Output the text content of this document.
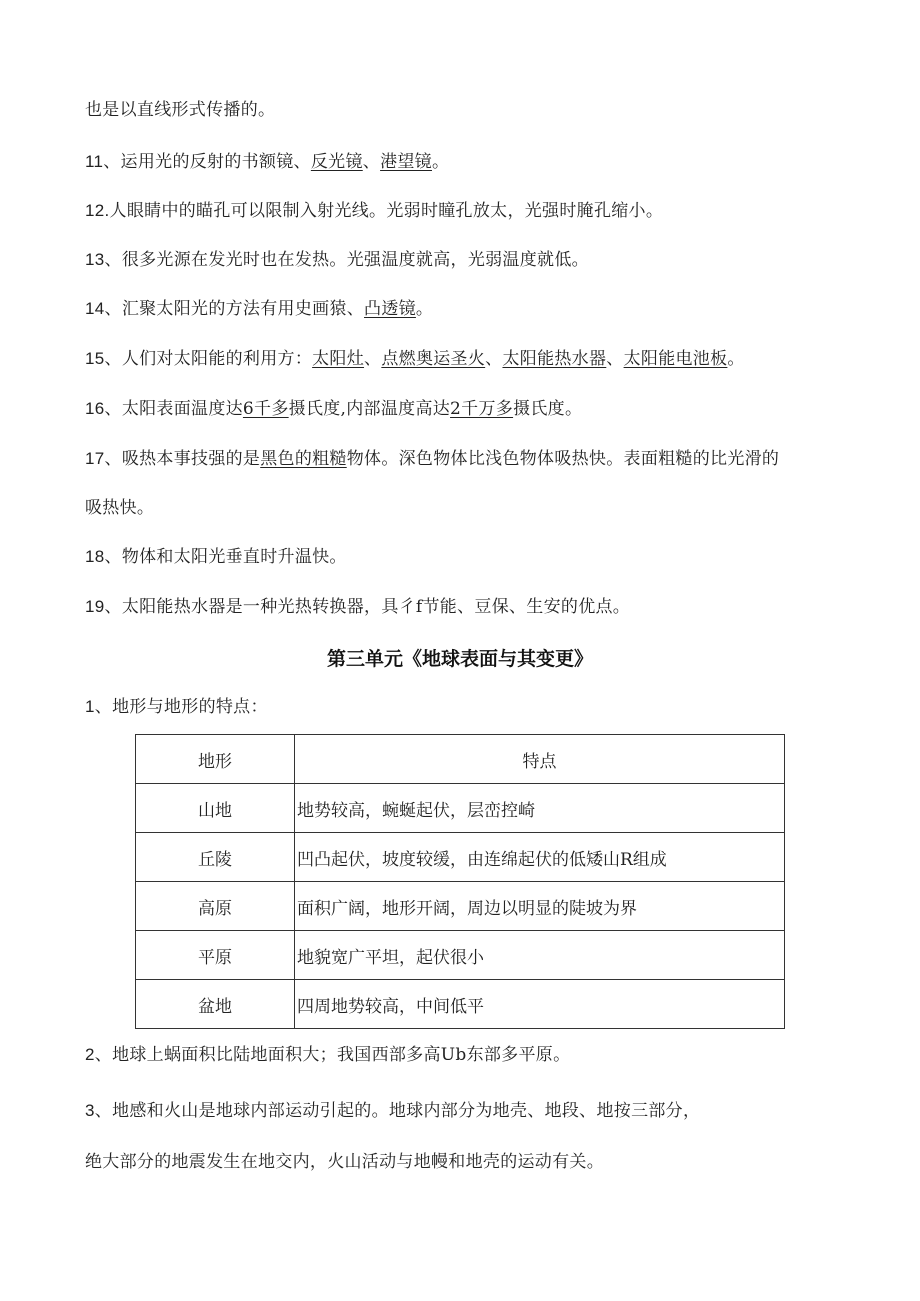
也是以直线形式传播的。
11、运用光的反射的书额镜、反光镜、港望镜。
12.人眼睛中的瞄孔可以限制入射光线。光弱时瞳孔放太，光强时腌孔缩小。
13、很多光源在发光时也在发热。光强温度就高，光弱温度就低。
14、汇聚太阳光的方法有用史画猿、凸透镜。
15、人们对太阳能的利用方：太阳灶、点燃奥运圣火、太阳能热水器、太阳能电池板。
16、太阳表面温度达6千多摄氏度,内部温度高达2千万多摄氏度。
17、吸热本事技强的是黑色的粗糙物体。深色物体比浅色物体吸热快。表面粗糙的比光滑的
吸热快。
18、物体和太阳光垂直时升温快。
19、太阳能热水器是一种光热转换器，具彳f节能、豆保、生安的优点。
第三单元《地球表面与其变更》
1、地形与地形的特点：
地形	特点
山地	地势较高，蜿蜒起伏，层峦控崎
丘陵	凹凸起伏，坡度较缓，由连绵起伏的低矮山R组成
高原	面积广阔，地形开阔，周边以明显的陡坡为界
平原	地貌宽广平坦，起伏很小
盆地	四周地势较高，中间低平
2、地球上蜗面积比陆地面积大；我国西部多高Ub东部多平原。
3、地感和火山是地球内部运动引起的。地球内部分为地壳、地段、地按三部分，
绝大部分的地震发生在地交内，火山活动与地幔和地壳的运动有关。
